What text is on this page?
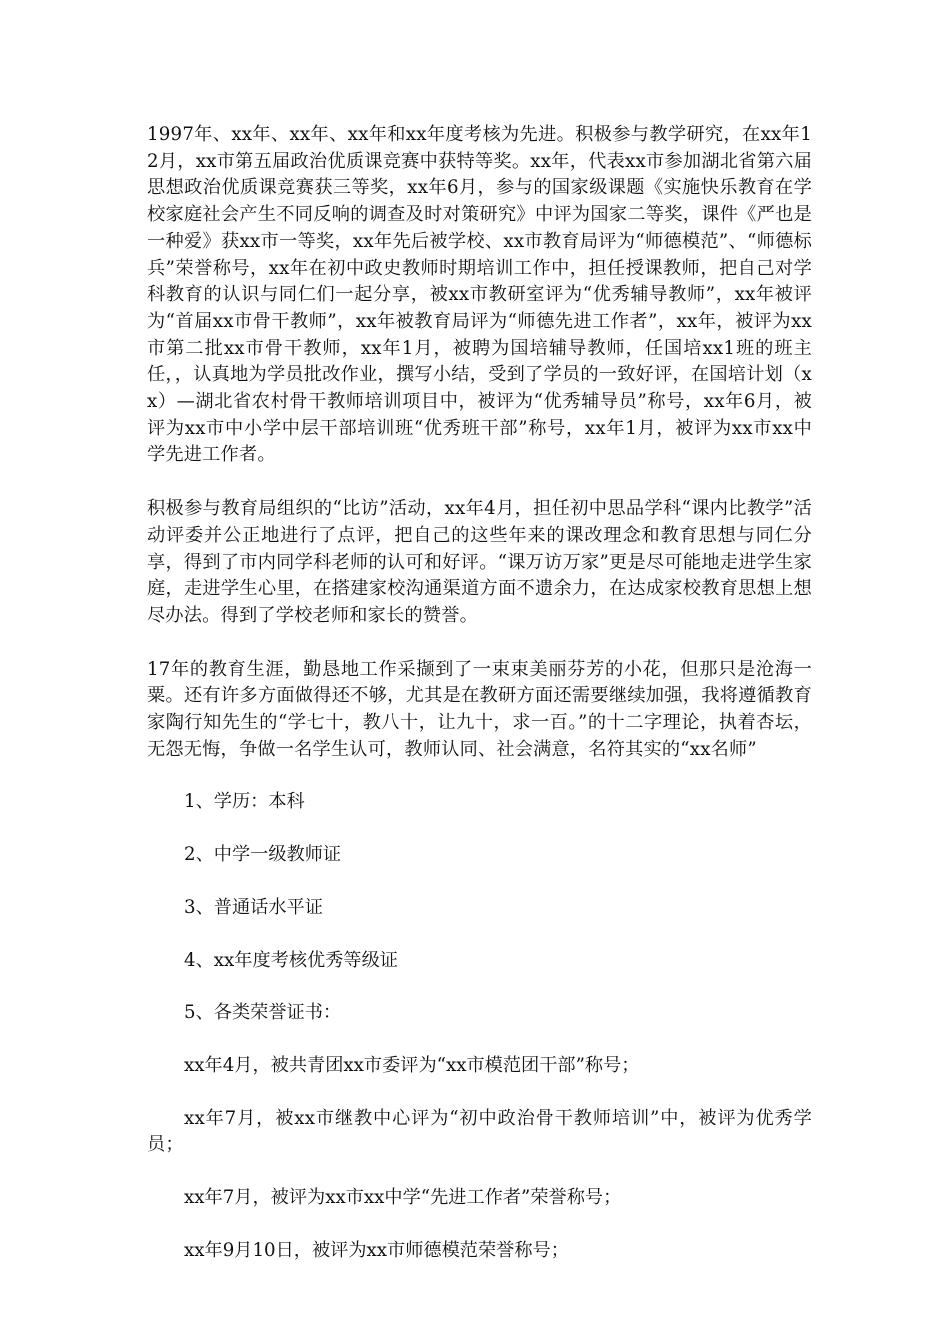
1997年、xx年、xx年、xx年和xx年度考核为先进。积极参与教学研究，在xx年12月，xx市第五届政治优质课竞赛中获特等奖。xx年，代表xx市参加湖北省第六届思想政治优质课竞赛获三等奖，xx年6月，参与的国家级课题《实施快乐教育在学校家庭社会产生不同反响的调查及时对策研究》中评为国家二等奖，课件《严也是一种爱》获xx市一等奖，xx年先后被学校、xx市教育局评为“师德模范”、“师德标兵”荣誉称号，xx年在初中政史教师时期培训工作中，担任授课教师，把自己对学科教育的认识与同仁们一起分享，被xx市教研室评为“优秀辅导教师”，xx年被评为“首届xx市骨干教师”，xx年被教育局评为“师德先进工作者”，xx年，被评为xx市第二批xx市骨干教师，xx年1月，被聘为国培辅导教师，任国培xx1班的班主任，，认真地为学员批改作业，撰写小结，受到了学员的一致好评，在国培计划（xx）—湖北省农村骨干教师培训项目中，被评为“优秀辅导员”称号，xx年6月，被评为xx市中小学中层干部培训班“优秀班干部”称号，xx年1月，被评为xx市xx中学先进工作者。

积极参与教育局组织的“比访”活动，xx年4月，担任初中思品学科“课内比教学”活动评委并公正地进行了点评，把自己的这些年来的课改理念和教育思想与同仁分享，得到了市内同学科老师的认可和好评。“课万访万家”更是尽可能地走进学生家庭，走进学生心里，在搭建家校沟通渠道方面不遗余力，在达成家校教育思想上想尽办法。得到了学校老师和家长的赞誉。

17年的教育生涯，勤恳地工作采撷到了一束束美丽芬芳的小花，但那只是沧海一粟。还有许多方面做得还不够，尤其是在教研方面还需要继续加强，我将遵循教育家陶行知先生的“学七十，教八十，让九十，求一百。”的十二字理论，执着杏坛，无怨无悔，争做一名学生认可，教师认同、社会满意，名符其实的“xx名师”

1、学历：本科

2、中学一级教师证

3、普通话水平证

4、xx年度考核优秀等级证

5、各类荣誉证书：

xx年4月，被共青团xx市委评为“xx市模范团干部”称号；

xx年7月，被xx市继教中心评为“初中政治骨干教师培训”中，被评为优秀学员；

xx年7月，被评为xx市xx中学“先进工作者”荣誉称号；

xx年9月10日，被评为xx市师德模范荣誉称号；
